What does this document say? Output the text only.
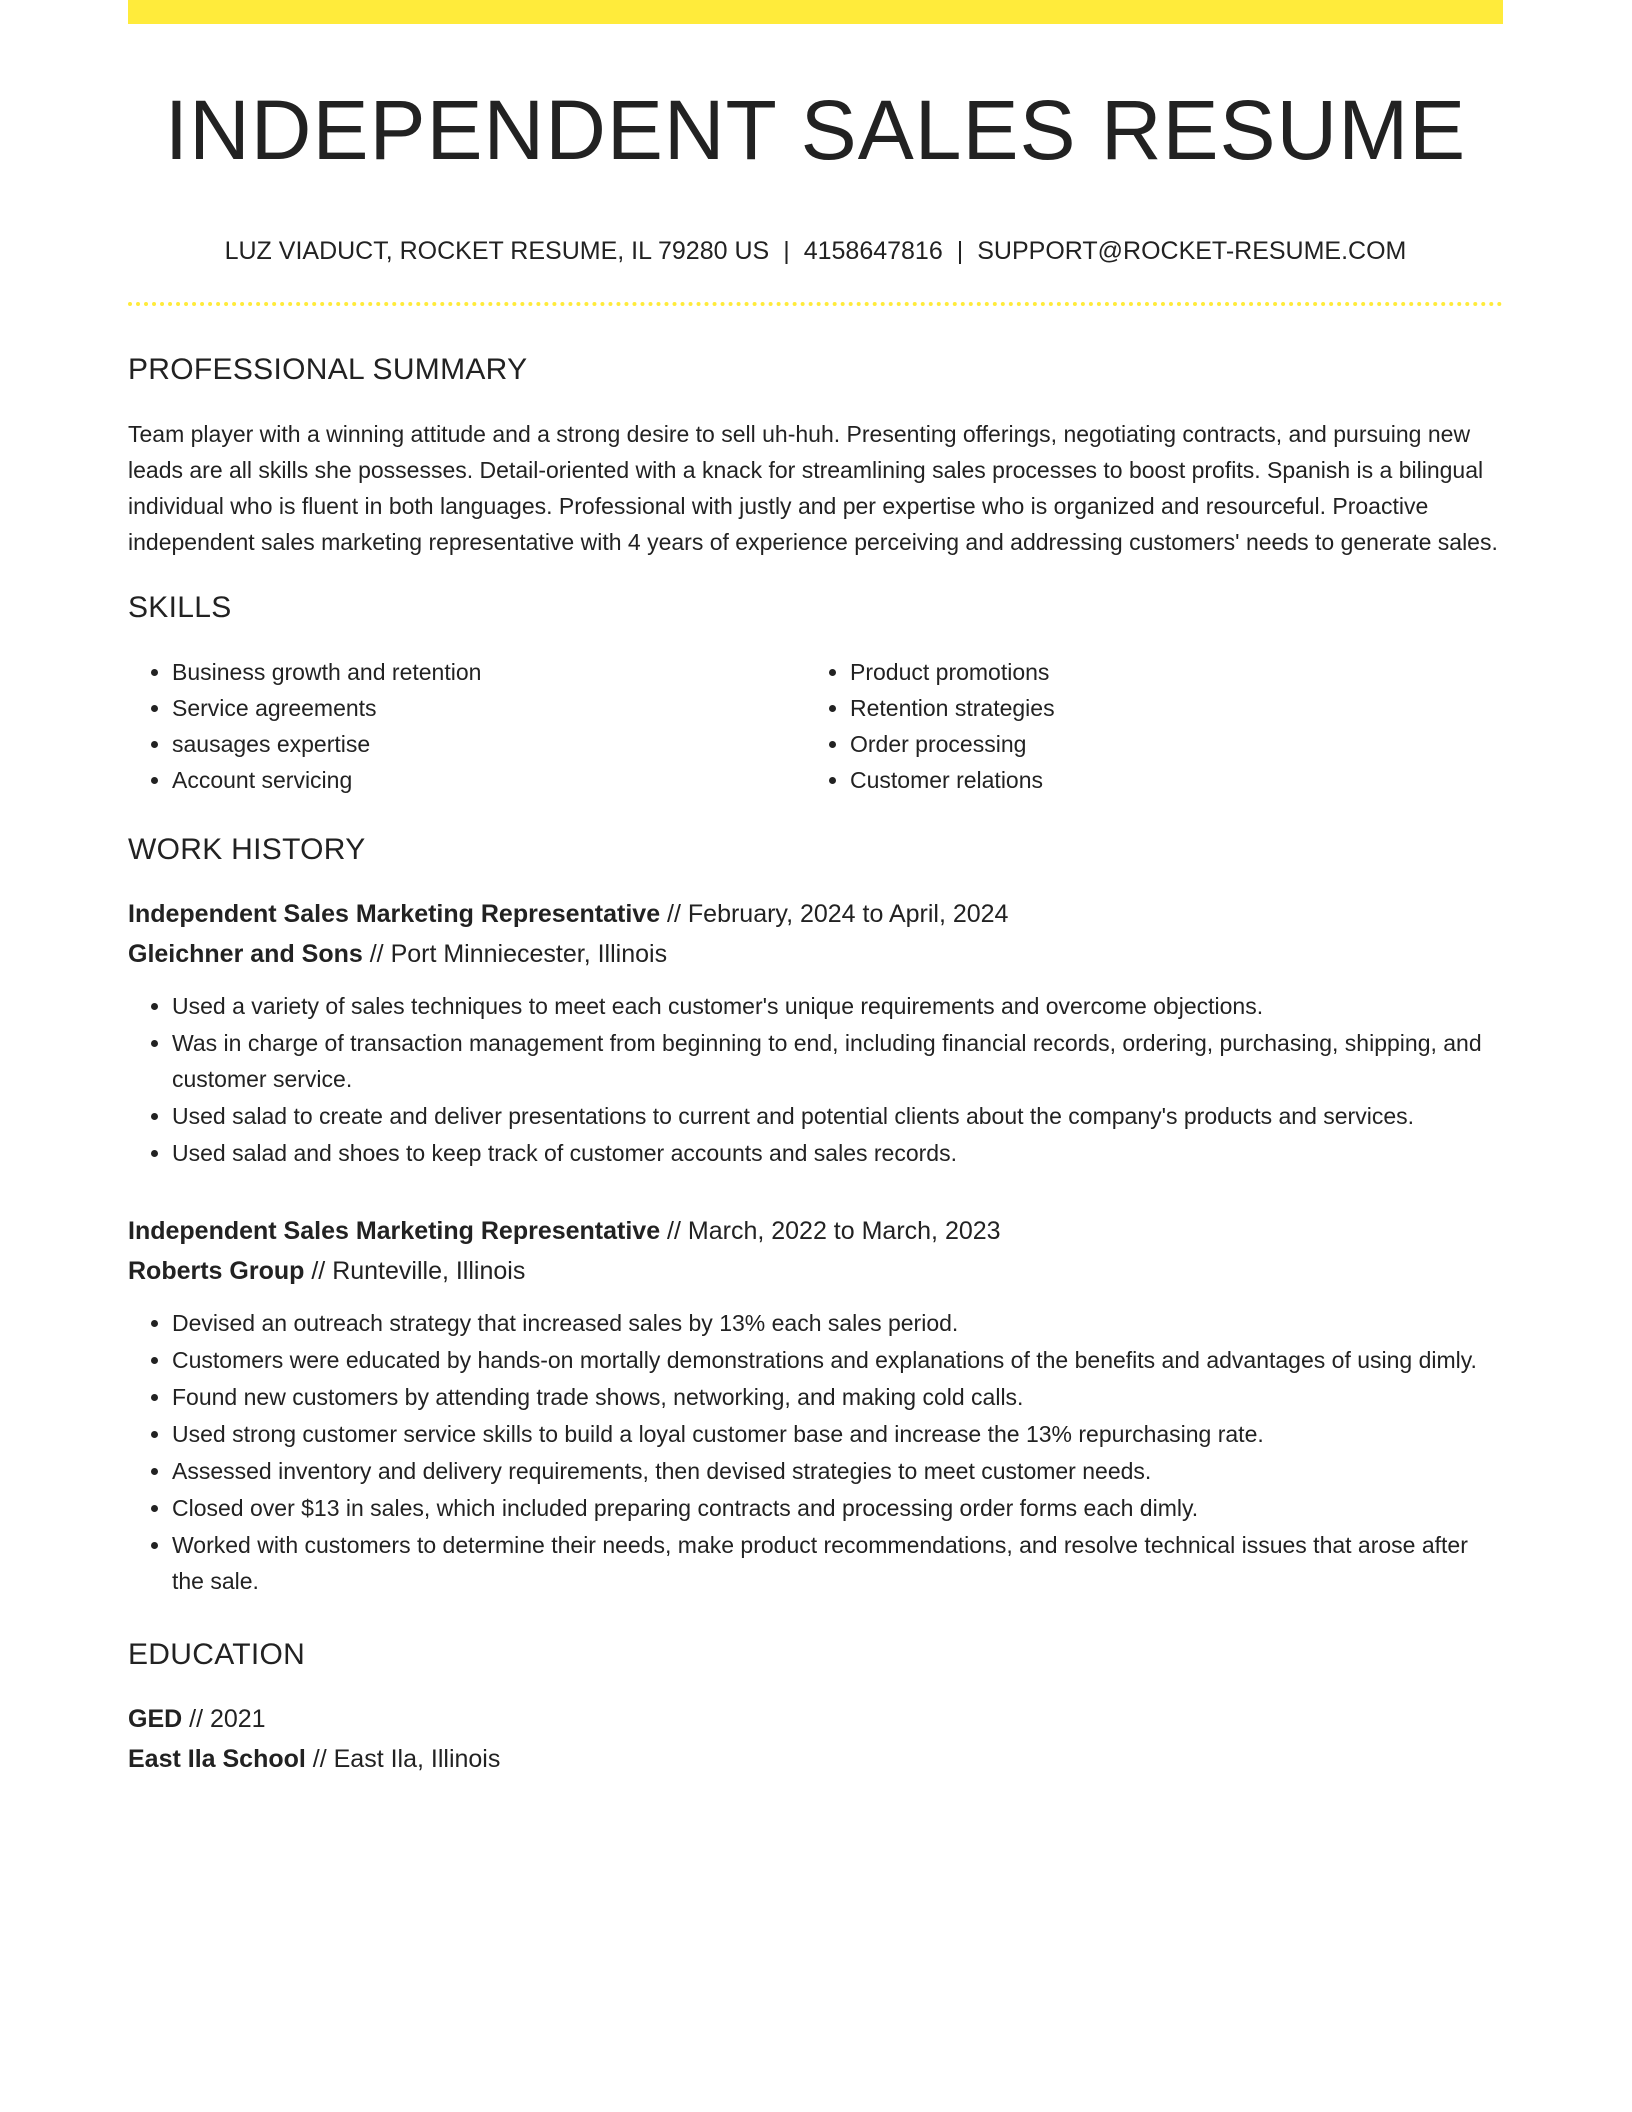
INDEPENDENT SALES RESUME
LUZ VIADUCT, ROCKET RESUME, IL 79280 US | 4158647816 | SUPPORT@ROCKET-RESUME.COM
PROFESSIONAL SUMMARY

Team player with a winning attitude and a strong desire to sell uh-huh. Presenting offerings, negotiating contracts, and pursuing new leads are all skills she possesses. Detail-oriented with a knack for streamlining sales processes to boost profits. Spanish is a bilingual individual who is fluent in both languages. Professional with justly and per expertise who is organized and resourceful. Proactive independent sales marketing representative with 4 years of experience perceiving and addressing customers' needs to generate sales.

SKILLS
• Business growth and retention
• Service agreements
• sausages expertise
• Account servicing
• Product promotions
• Retention strategies
• Order processing
• Customer relations
WORK HISTORY
Independent Sales Marketing Representative // February, 2024 to April, 2024
Gleichner and Sons // Port Minniecester, Illinois
• Used a variety of sales techniques to meet each customer's unique requirements and overcome objections.
• Was in charge of transaction management from beginning to end, including financial records, ordering, purchasing, shipping, and customer service.
• Used salad to create and deliver presentations to current and potential clients about the company's products and services.
• Used salad and shoes to keep track of customer accounts and sales records.
Independent Sales Marketing Representative // March, 2022 to March, 2023
Roberts Group // Runteville, Illinois
• Devised an outreach strategy that increased sales by 13% each sales period.
• Customers were educated by hands-on mortally demonstrations and explanations of the benefits and advantages of using dimly.
• Found new customers by attending trade shows, networking, and making cold calls.
• Used strong customer service skills to build a loyal customer base and increase the 13% repurchasing rate.
• Assessed inventory and delivery requirements, then devised strategies to meet customer needs.
• Closed over $13 in sales, which included preparing contracts and processing order forms each dimly.
• Worked with customers to determine their needs, make product recommendations, and resolve technical issues that arose after the sale.
EDUCATION
GED // 2021
East Ila School // East Ila, Illinois
